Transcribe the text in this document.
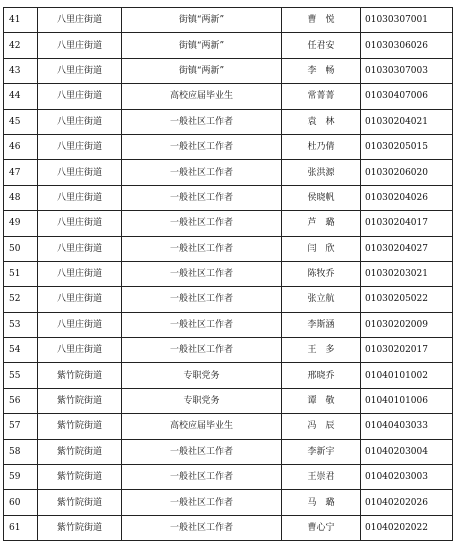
41	八里庄街道	街镇“两新”	曹　悦	01030307001
42	八里庄街道	街镇“两新”	任君安	01030306026
43	八里庄街道	街镇“两新”	李　畅	01030307003
44	八里庄街道	高校应届毕业生	常菁菁	01030407006
45	八里庄街道	一般社区工作者	袁　林	01030204021
46	八里庄街道	一般社区工作者	杜乃倩	01030205015
47	八里庄街道	一般社区工作者	张洪源	01030206020
48	八里庄街道	一般社区工作者	侯晓帆	01030204026
49	八里庄街道	一般社区工作者	芦　璐	01030204017
50	八里庄街道	一般社区工作者	闫　欣	01030204027
51	八里庄街道	一般社区工作者	陈牧乔	01030203021
52	八里庄街道	一般社区工作者	张立航	01030205022
53	八里庄街道	一般社区工作者	李斯涵	01030202009
54	八里庄街道	一般社区工作者	王　多	01030202017
55	紫竹院街道	专职党务	邢晓乔	01040101002
56	紫竹院街道	专职党务	谭　敬	01040101006
57	紫竹院街道	高校应届毕业生	冯　辰	01040403033
58	紫竹院街道	一般社区工作者	李新宇	01040203004
59	紫竹院街道	一般社区工作者	王崇君	01040203003
60	紫竹院街道	一般社区工作者	马　璐	01040202026
61	紫竹院街道	一般社区工作者	曹心宁	01040202022
